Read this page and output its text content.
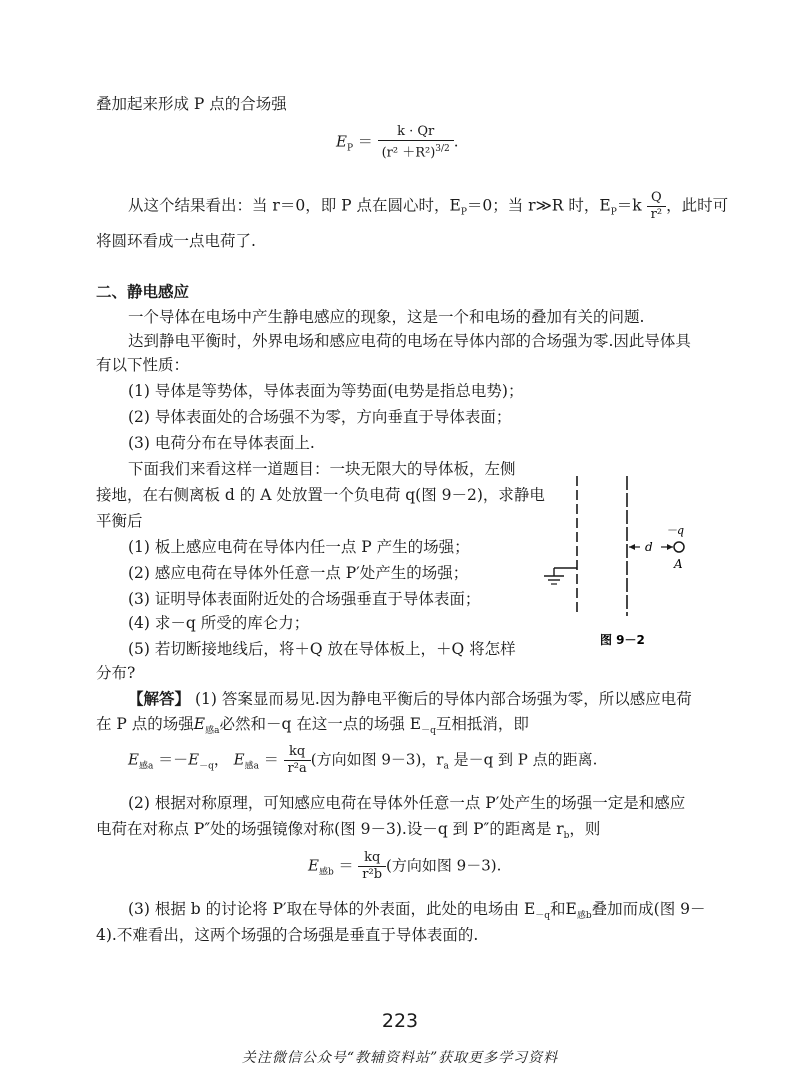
叠加起来形成 P 点的合场强
$E_P = \frac{k \cdot Qr}{(r^2 +R^2)^{3/2}}$ .
从这个结果看出：当 r＝0，即 P 点在圆心时，$E_P=0$；当 r≫R 时，$E_P=k \frac{Q}{\text{r²}}$ ，此时可
将圆环看成一点电荷了.
二、静电感应
一个导体在电场中产生静电感应的现象，这是一个和电场的叠加有关的问题.
达到静电平衡时，外界电场和感应电荷的电场在导体内部的合场强为零.因此导体具
有以下性质：
(1) 导体是等势体，导体表面为等势面(电势是指总电势)；
(2) 导体表面处的合场强不为零，方向垂直于导体表面；
(3) 电荷分布在导体表面上.
下面我们来看这样一道题目：一块无限大的导体板，左侧
接地，在右侧离板 d 的 A 处放置一个负电荷 q(图 9－2)，求静电
平衡后
(1) 板上感应电荷在导体内任一点 P 产生的场强；
(2) 感应电荷在导体外任意一点 P′处产生的场强；
(3) 证明导体表面附近处的合场强垂直于导体表面；
(4) 求－q 所受的库仑力；
(5) 若切断接地线后，将＋Q 放在导体板上，＋Q 将怎样
分布?
d
－q
A
图 9－2
【解答】 (1) 答案显而易见.因为静电平衡后的导体内部合场强为零，所以感应电荷
在 P 点的场强$E_{感a}$必然和－q 在这一点的场强 $E_{-q}$互相抵消，即
$E_{感a} =-E_{-q}$， $E_{感a} = \frac{kq}{\text{r²a}}$ (方向如图 9－3)，$r_a$ 是－q 到 P 点的距离.
(2) 根据对称原理，可知感应电荷在导体外任意一点 P′处产生的场强一定是和感应
电荷在对称点 P″处的场强镜像对称(图 9－3).设－q 到 P″的距离是 $r_b$，则
$E_{感b} = \frac{kq}{\text{r²b}}$ (方向如图 9－3).
(3) 根据 b 的讨论将 P′取在导体的外表面，此处的电场由 $E_{-q}$和$E_{感b}$叠加而成(图 9－
4).不难看出，这两个场强的合场强是垂直于导体表面的.
223
关注微信公众号“教辅资料站”获取更多学习资料
